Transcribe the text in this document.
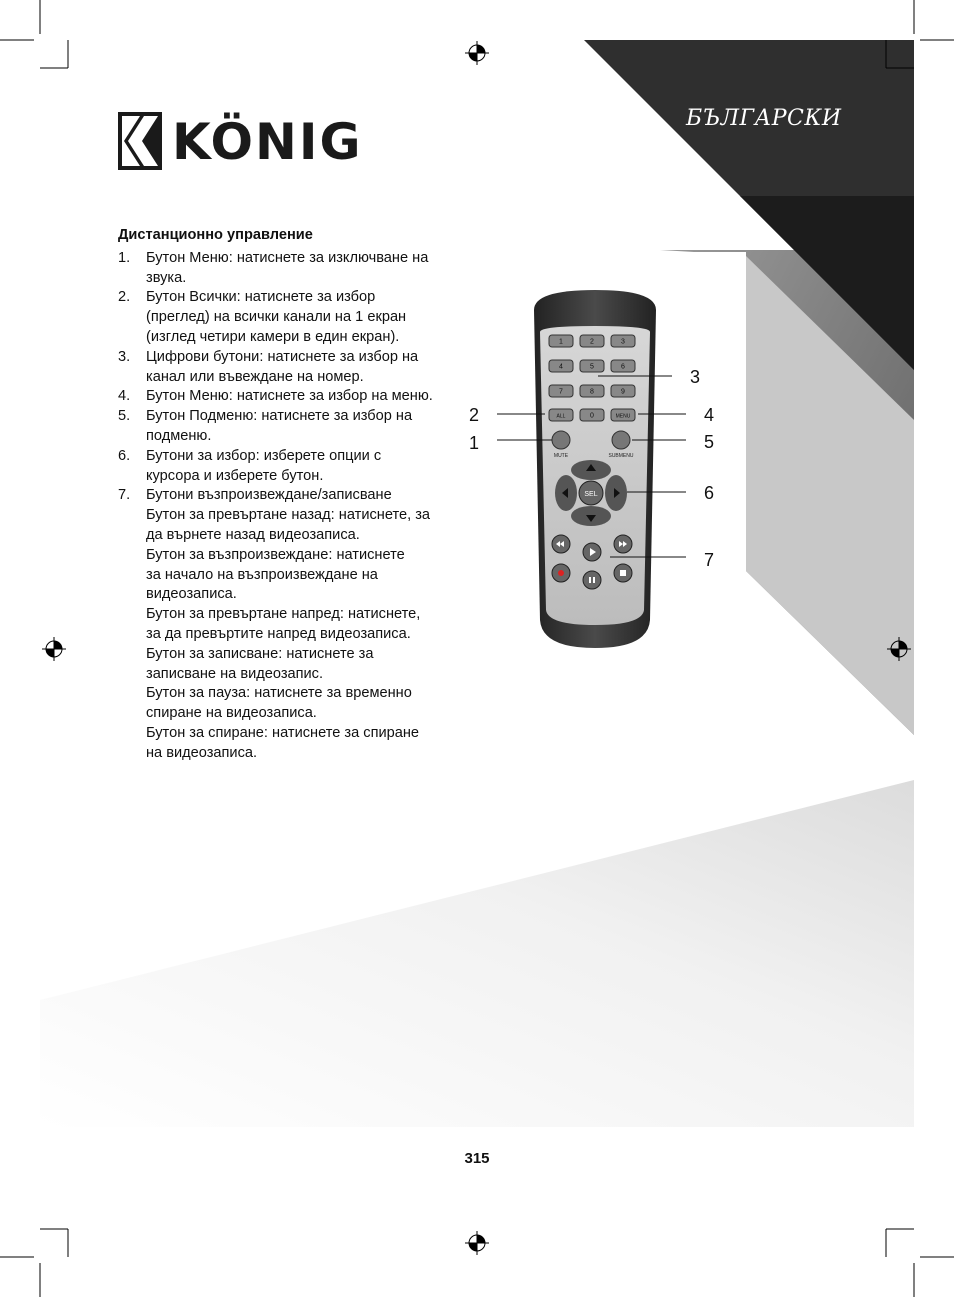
БЪЛГАРСКИ
KÖNIG
Дистанционно управление
1. Бутон Меню: натиснете за изключване на
звука.
2. Бутон Всички: натиснете за избор
(преглед) на всички канали на 1 екран
(изглед четири камери в един екран).
3. Цифрови бутони: натиснете за избор на
канал или въвеждане на номер.
4. Бутон Меню: натиснете за избор на меню.
5. Бутон Подменю: натиснете за избор на
подменю.
6. Бутони за избор: изберете опции с
курсора и изберете бутон.
7. Бутони възпроизвеждане/записване
Бутон за превъртане назад: натиснете, за
да върнете назад видеозаписа.
Бутон за възпроизвеждане: натиснете
за начало на възпроизвеждане на
видеозаписа.
Бутон за превъртане напред: натиснете,
за да превъртите напред видеозаписа.
Бутон за записване: натиснете за
записване на видеозапис.
Бутон за пауза: натиснете за временно
спиране на видеозаписа.
Бутон за спиране: натиснете за спиране
на видеозаписа.
1	2	3
4	5	6
7	8	9
ALL	0	MENU
MUTE	SUBMENU
SEL
3
2	4
1	5
6
7
315
